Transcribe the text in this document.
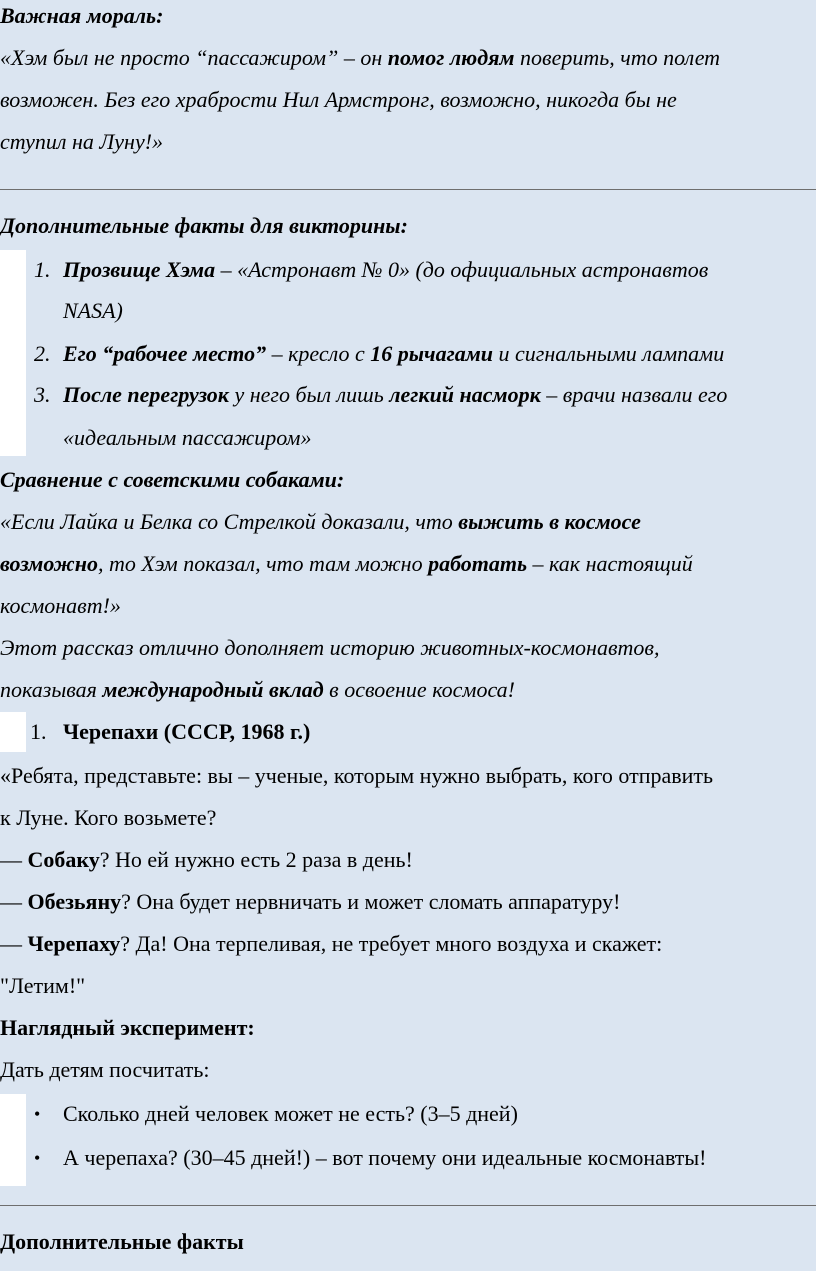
Важная мораль:
«Хэм был не просто “пассажиром” – он помог людям поверить, что полет
возможен. Без его храбрости Нил Армстронг, возможно, никогда бы не
ступил на Луну!»
Дополнительные факты для викторины:
1. Прозвище Хэма – «Астронавт № 0» (до официальных астронавтов
NASA)
2. Его “рабочее место” – кресло с 16 рычагами и сигнальными лампами
3. После перегрузок у него был лишь легкий насморк – врачи назвали его
«идеальным пассажиром»
Сравнение с советскими собаками:
«Если Лайка и Белка со Стрелкой доказали, что выжить в космосе
возможно, то Хэм показал, что там можно работать – как настоящий
космонавт!»
Этот рассказ отлично дополняет историю животных-космонавтов,
показывая международный вклад в освоение космоса!
1. Черепахи (СССР, 1968 г.)
«Ребята, представьте: вы – ученые, которым нужно выбрать, кого отправить
к Луне. Кого возьмете?
— Собаку? Но ей нужно есть 2 раза в день!
— Обезьяну? Она будет нервничать и может сломать аппаратуру!
— Черепаху? Да! Она терпеливая, не требует много воздуха и скажет:
"Летим!"
Наглядный эксперимент:
Дать детям посчитать:
• Сколько дней человек может не есть? (3–5 дней)
• А черепаха? (30–45 дней!) – вот почему они идеальные космонавты!
Дополнительные факты
